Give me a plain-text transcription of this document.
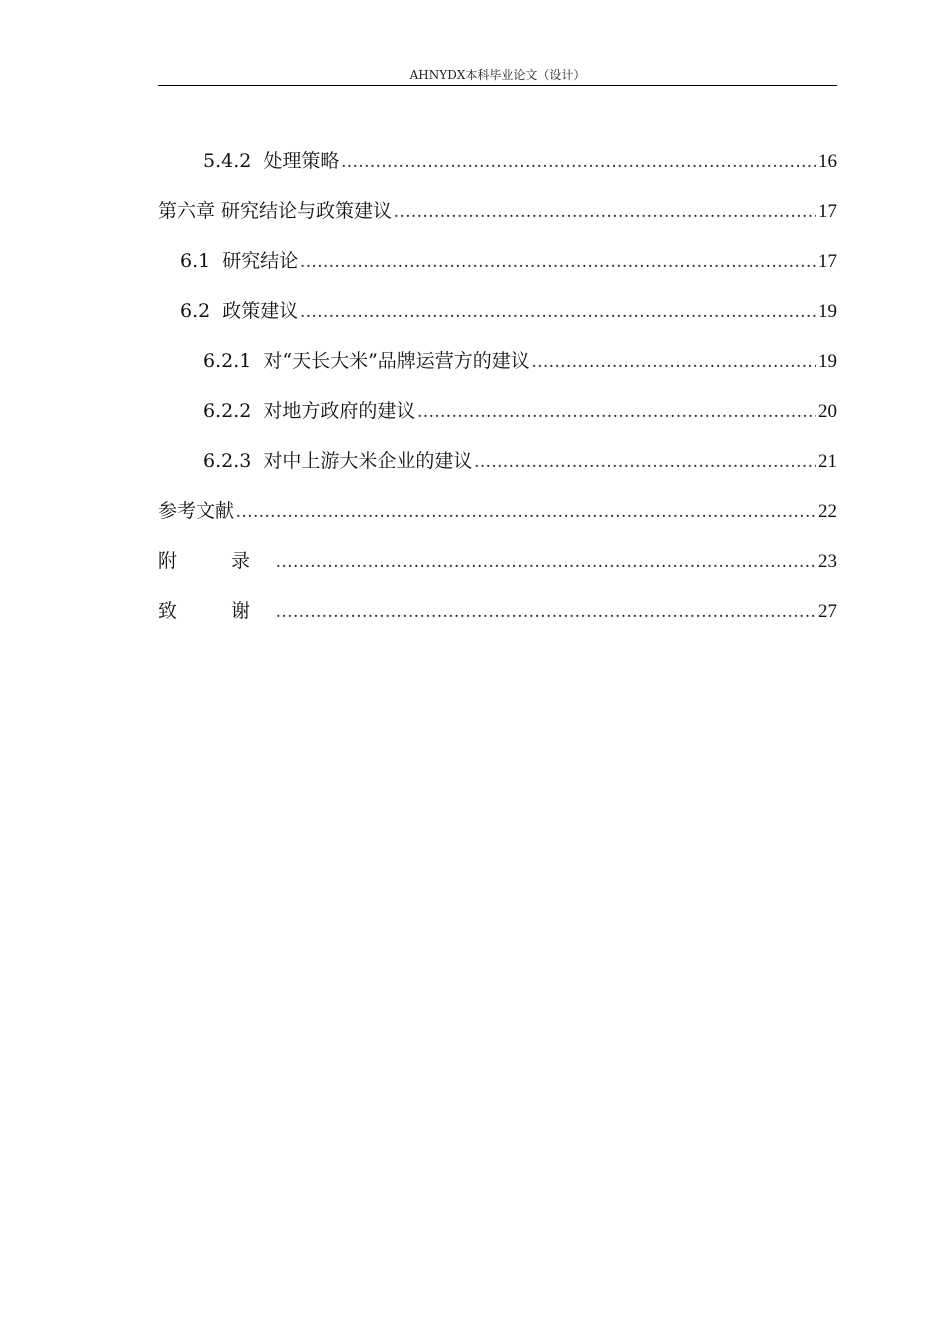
AHNYDX本科毕业论文（设计）
5.4.2 处理策略 .....	16
第六章 研究结论与政策建议 .....	17
6.1 研究结论 .....	17
6.2 政策建议 .....	19
6.2.1 对“天长大米”品牌运营方的建议 .....	19
6.2.2 对地方政府的建议 .....	20
6.2.3 对中上游大米企业的建议 .....	21
参考文献 .....	22
附 录 .....	23
致 谢 .....	27
